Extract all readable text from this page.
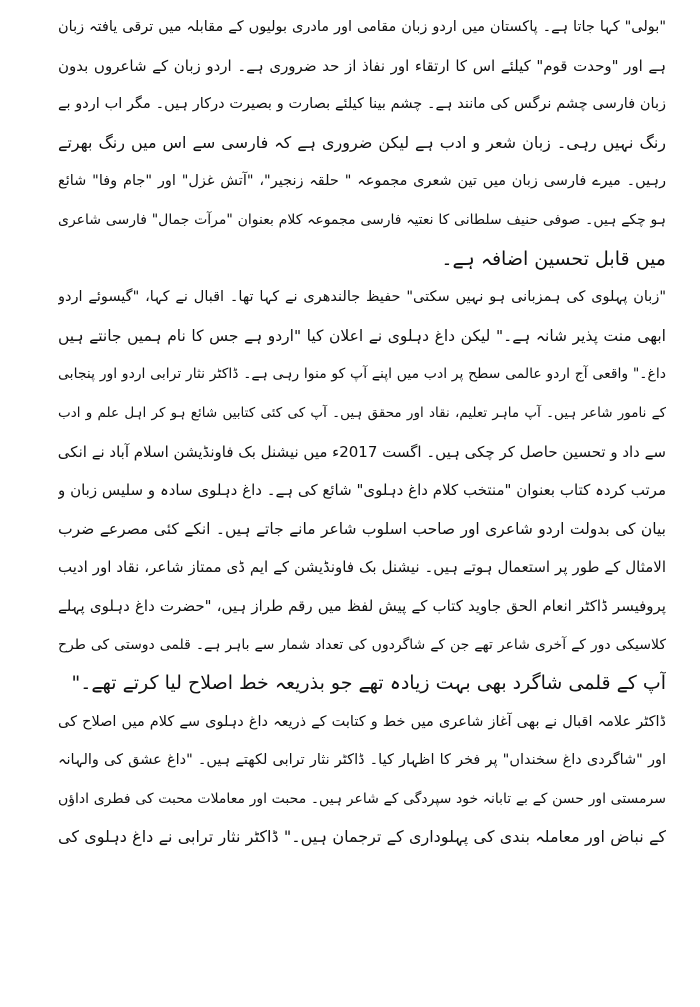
"بولی" کہا جاتا ہے۔ پاکستان میں اردو زبان مقامی اور مادری بولیوں کے مقابلہ میں ترقی یافتہ زبان
ہے اور "وحدت قوم" کیلئے اس کا ارتقاء اور نفاذ از حد ضروری ہے۔ اردو زبان کے شاعروں بدون
زبان فارسی چشم نرگس کی مانند ہے۔ چشم بینا کیلئے بصارت و بصیرت درکار ہیں۔ مگر اب اردو بے
رنگ نہیں رہی۔ زبان شعر و ادب ہے لیکن ضروری ہے کہ فارسی سے اس میں رنگ بھرتے
رہیں۔ میرے فارسی زبان میں تین شعری مجموعہ " حلقہ زنجیر"، "آتش غزل" اور "جام وفا" شائع
ہو چکے ہیں۔ صوفی حنیف سلطانی کا نعتیہ فارسی مجموعہ کلام بعنوان "مرآت جمال" فارسی شاعری
میں قابل تحسین اضافہ ہے۔
"زبان پہلوی کی ہمزبانی ہو نہیں سکتی" حفیظ جالندھری نے کہا تھا۔ اقبال نے کہا، "گیسوئے اردو
ابھی منت پذیر شانہ ہے۔" لیکن داغ دہلوی نے اعلان کیا "اردو ہے جس کا نام ہمیں جانتے ہیں
داغ۔" واقعی آج اردو عالمی سطح پر ادب میں اپنے آپ کو منوا رہی ہے۔ ڈاکٹر نثار ترابی اردو اور پنجابی
کے نامور شاعر ہیں۔ آپ ماہر تعلیم، نقاد اور محقق ہیں۔ آپ کی کئی کتابیں شائع ہو کر اہل علم و ادب
سے داد و تحسین حاصل کر چکی ہیں۔ اگست 2017ء میں نیشنل بک فاونڈیشن اسلام آباد نے انکی
مرتب کردہ کتاب بعنوان "منتخب کلام داغ دہلوی" شائع کی ہے۔ داغ دہلوی سادہ و سلیس زبان و
بیان کی بدولت اردو شاعری اور صاحب اسلوب شاعر مانے جاتے ہیں۔ انکے کئی مصرعے ضرب
الامثال کے طور پر استعمال ہوتے ہیں۔ نیشنل بک فاونڈیشن کے ایم ڈی ممتاز شاعر، نقاد اور ادیب
پروفیسر ڈاکٹر انعام الحق جاوید کتاب کے پیش لفظ میں رقم طراز ہیں، "حضرت داغ دہلوی پہلے
کلاسیکی دور کے آخری شاعر تھے جن کے شاگردوں کی تعداد شمار سے باہر ہے۔ قلمی دوستی کی طرح
آپ کے قلمی شاگرد بھی بہت زیادہ تھے جو بذریعہ خط اصلاح لیا کرتے تھے۔"
ڈاکٹر علامہ اقبال نے بھی آغاز شاعری میں خط و کتابت کے ذریعہ داغ دہلوی سے کلام میں اصلاح کی
اور "شاگردی داغ سخنداں" پر فخر کا اظہار کیا۔ ڈاکٹر نثار ترابی لکھتے ہیں۔ "داغ عشق کی والہانہ
سرمستی اور حسن کے بے تابانہ خود سپردگی کے شاعر ہیں۔ محبت اور معاملات محبت کی فطری اداؤں
کے نباض اور معاملہ بندی کی پہلوداری کے ترجمان ہیں۔" ڈاکٹر نثار ترابی نے داغ دہلوی کی
